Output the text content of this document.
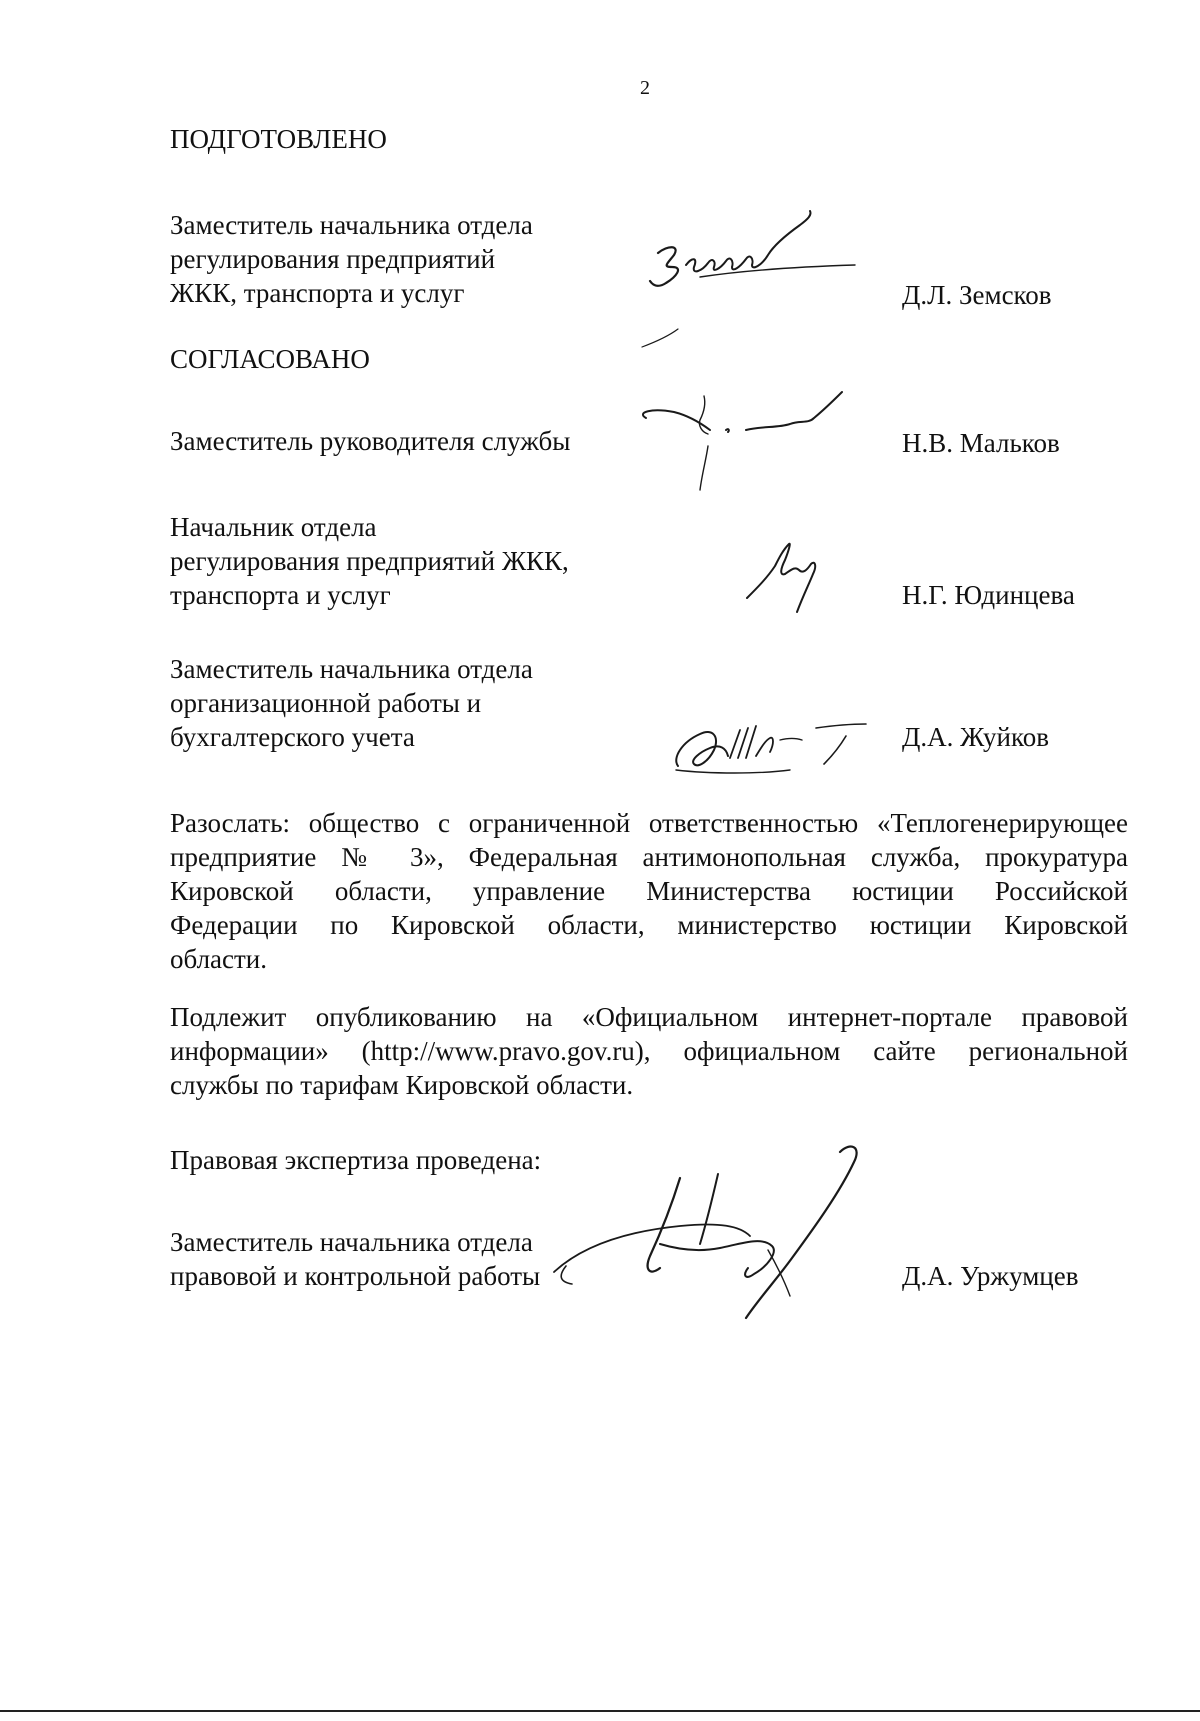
2

ПОДГОТОВЛЕНО

Заместитель начальника отдела
регулирования предприятий
ЖКК, транспорта и услуг	Д.Л. Земсков

СОГЛАСОВАНО

Заместитель руководителя службы	Н.В. Мальков
Начальник отдела
регулирования предприятий ЖКК,
транспорта и услуг	Н.Г. Юдинцева
Заместитель начальника отдела
организационной работы и
бухгалтерского учета	Д.А. Жуйков
Разослать: общество с ограниченной ответственностью «Теплогенерирующее
предприятие № 3», Федеральная антимонопольная служба, прокуратура
Кировской области, управление Министерства юстиции Российской
Федерации по Кировской области, министерство юстиции Кировской
области.
Подлежит опубликованию на «Официальном интернет-портале правовой
информации» (http://www.pravo.gov.ru), официальном сайте региональной
службы по тарифам Кировской области.

Правовая экспертиза проведена:

Заместитель начальника отдела
правовой и контрольной работы	Д.А. Уржумцев
